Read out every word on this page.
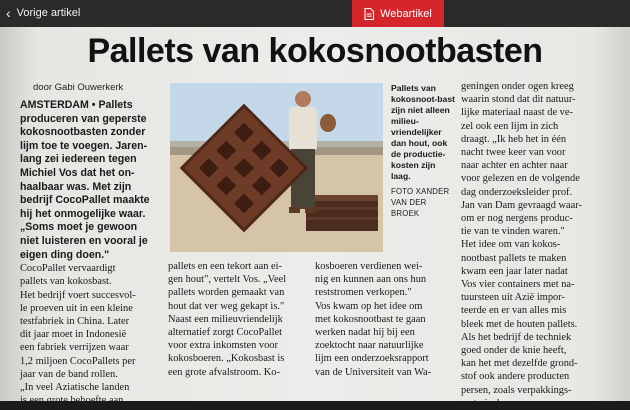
‹ Vorige artikel	Webartikel
Pallets van kokosnootbasten
door Gabi Ouwerkerk
AMSTERDAM • Pallets
produceren van geperste
kokosnootbasten zonder
lijm toe te voegen. Jaren-
lang zei iedereen tegen
Michiel Vos dat het on-
haalbaar was. Met zijn
bedrijf CocoPallet maakte
hij het onmogelijke waar.
„Soms moet je gewoon
niet luisteren en vooral je
eigen ding doen."
CocoPallet vervaardigt
pallets van kokosbast.
Het bedrijf voert succesvol-
le proeven uit in een kleine
testfabriek in China. Later
dit jaar moet in Indonesië
een fabriek verrijzen waar
1,2 miljoen CocoPallets per
jaar van de band rollen.
„In veel Aziatische landen
is een grote behoefte aan
Pallets van kokosnoot-bast zijn niet alleen milieu-vriendelijker dan hout, ook de productie-kosten zijn laag.
FOTO XANDER VAN DER BROEK
pallets en een tekort aan ei-
gen hout", vertelt Vos. „Veel
pallets worden gemaakt van
hout dat ver weg gekapt is."
Naast een milieuvriendelijk
alternatief zorgt CocoPallet
voor extra inkomsten voor
kokosboeren. „Kokosbast is
een grote afvalstroom. Ko-
kosboeren verdienen wei-
nig en kunnen aan ons hun
reststromen verkopen."
Vos kwam op het idee om
met kokosnootbast te gaan
werken nadat hij bij een
zoektocht naar natuurlijke
lijm een onderzoeksrapport
van de Universiteit van Wa-
geningen onder ogen kreeg
waarin stond dat dit natuur-
lijke materiaal naast de ve-
zel ook een lijm in zich
draagt. „Ik heb het in één
nacht twee keer van voor
naar achter en achter naar
voor gelezen en de volgende
dag onderzoeksleider prof.
Jan van Dam gevraagd waar-
om er nog nergens produc-
tie van te vinden waren."
Het idee om van kokos-
nootbast pallets te maken
kwam een jaar later nadat
Vos vier containers met na-
tuursteen uit Azië impor-
teerde en er van alles mis
bleek met de houten pallets.
Als het bedrijf de techniek
goed onder de knie heeft,
kan het met dezelfde grond-
stof ook andere producten
persen, zoals verpakkings-
materiaal.
